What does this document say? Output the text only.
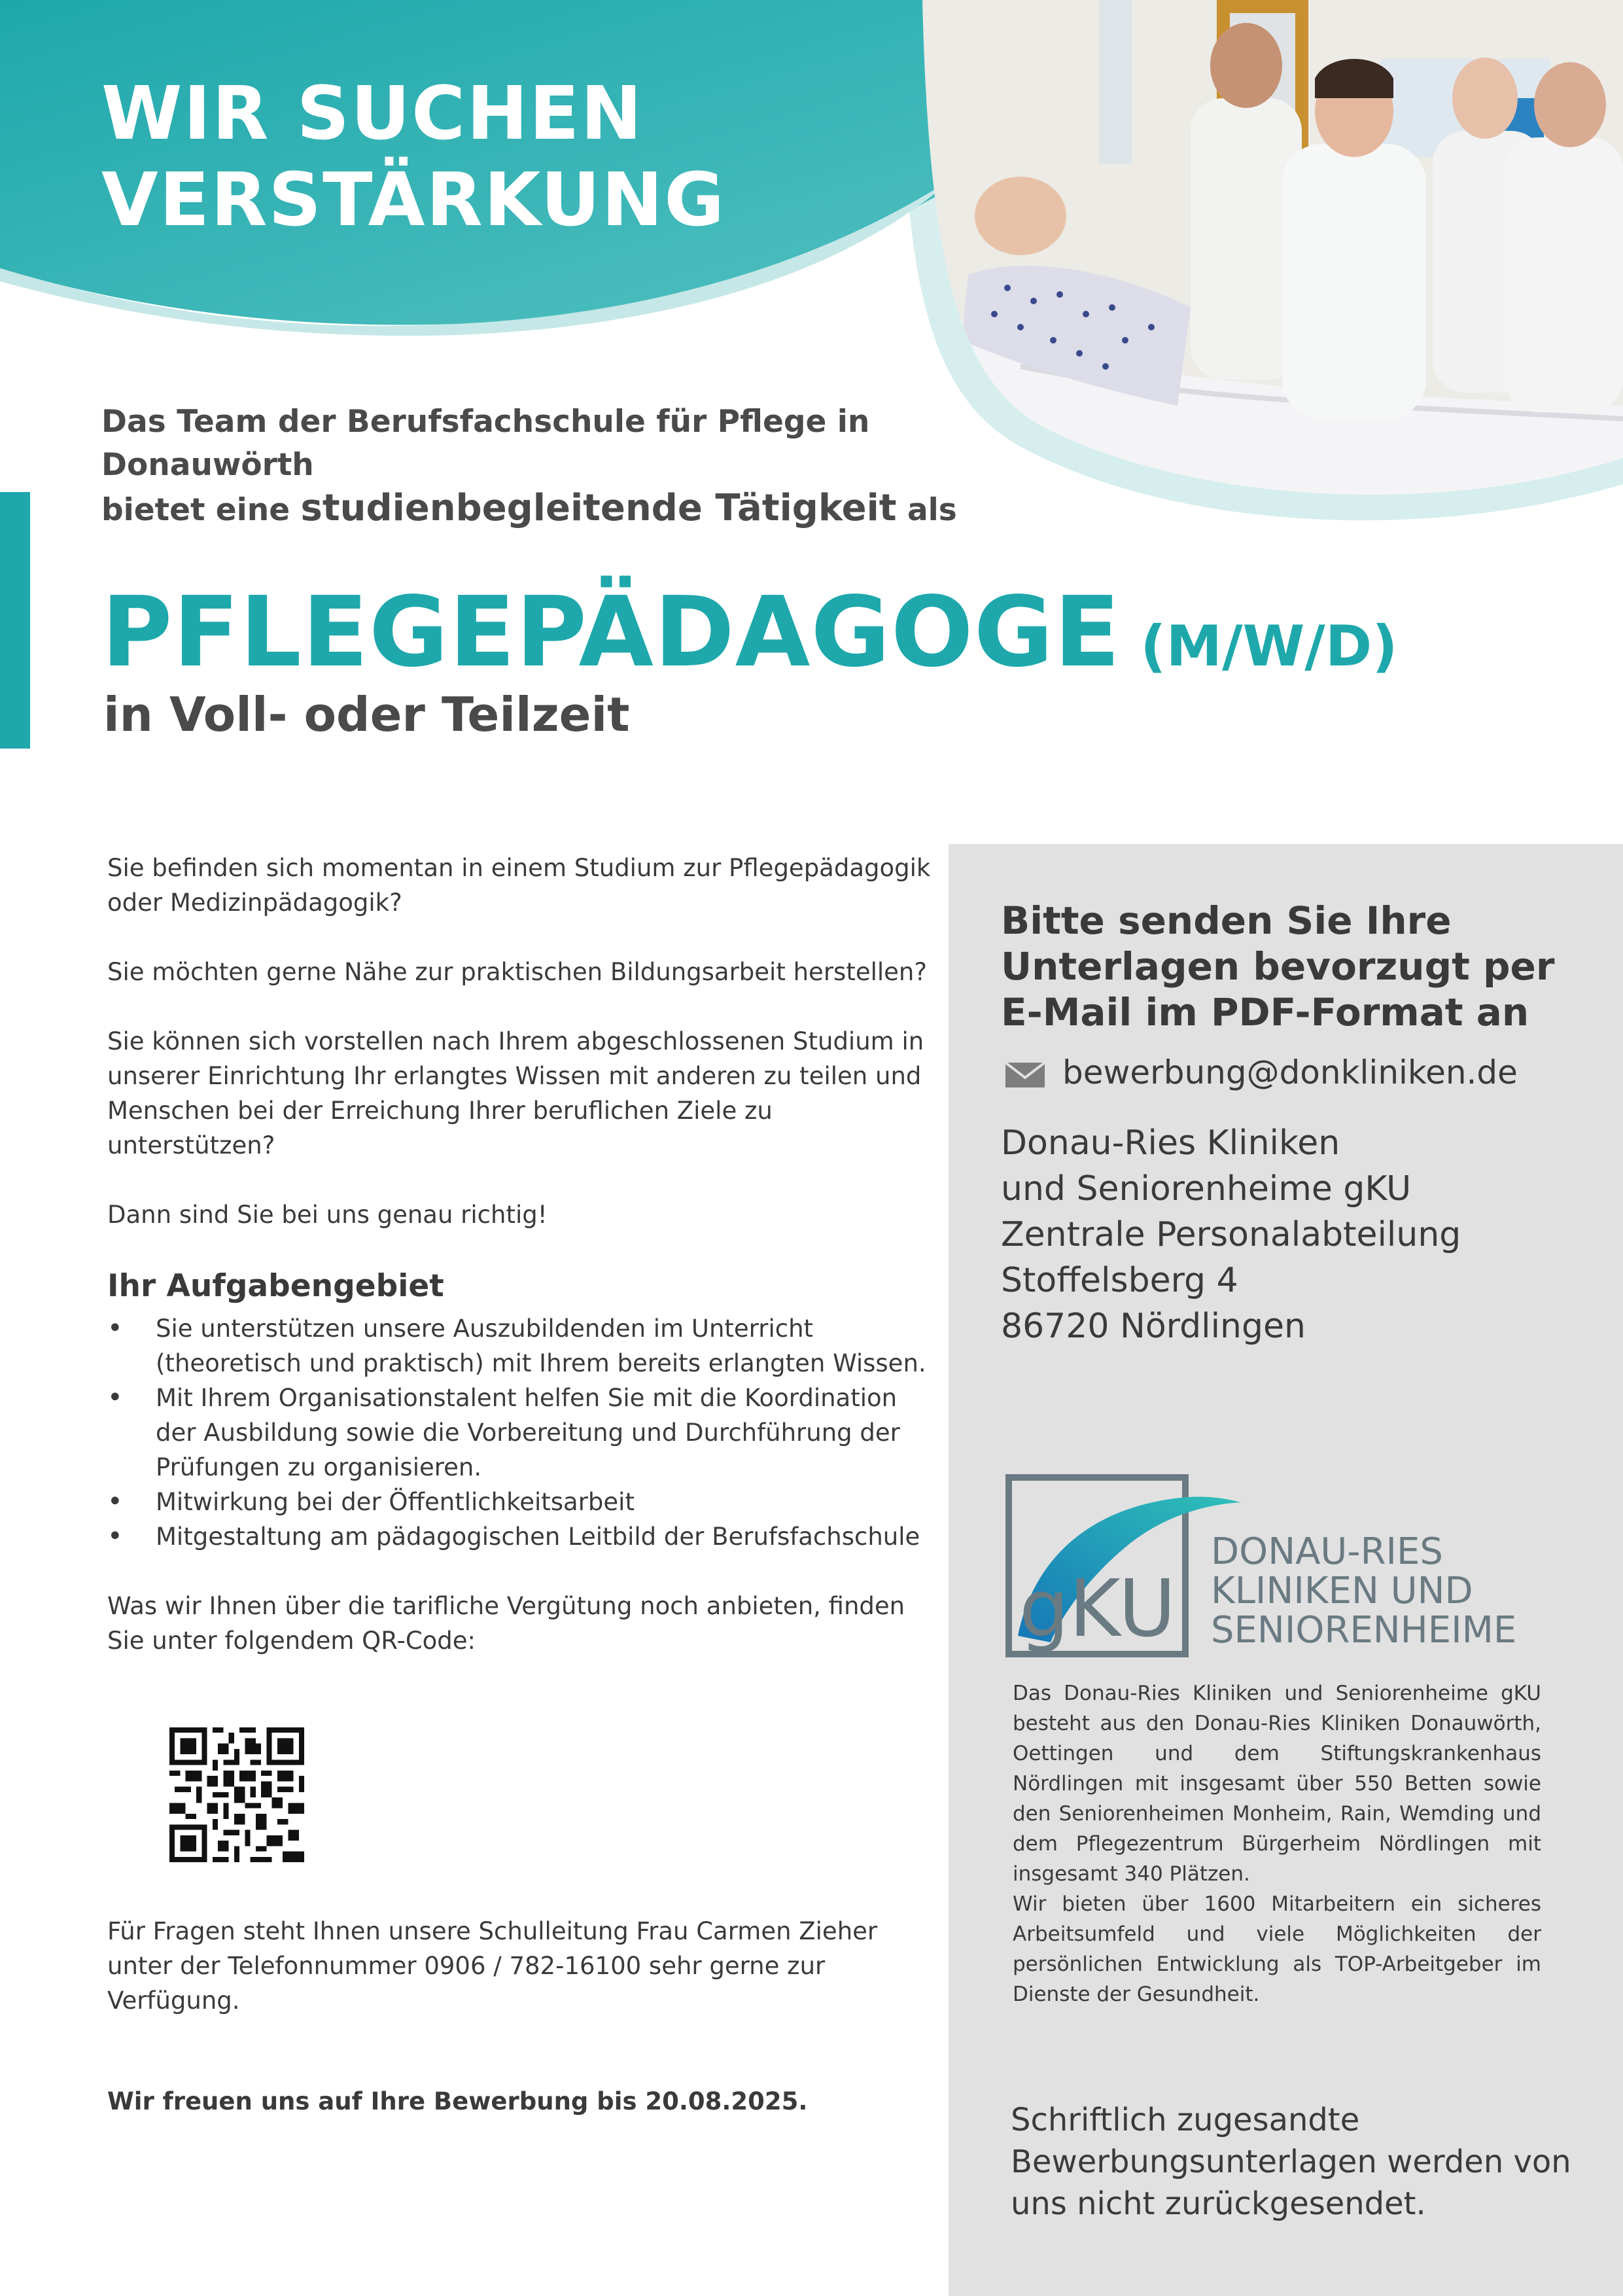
WIR SUCHEN
VERSTÄRKUNG
Das Team der Berufsfachschule für Pflege in Donauwörth
bietet eine studienbegleitende Tätigkeit als
PFLEGEPÄDAGOGE (M/W/D)
in Voll- oder Teilzeit

Sie befinden sich momentan in einem Studium zur Pflegepädagogik oder Medizinpädagogik?

Sie möchten gerne Nähe zur praktischen Bildungsarbeit herstellen?

Sie können sich vorstellen nach Ihrem abgeschlossenen Studium in unserer Einrichtung Ihr erlangtes Wissen mit anderen zu teilen und Menschen bei der Erreichung Ihrer beruflichen Ziele zu unterstützen?

Dann sind Sie bei uns genau richtig!

Ihr Aufgabengebiet
• Sie unterstützen unsere Auszubildenden im Unterricht (theoretisch und praktisch) mit Ihrem bereits erlangten Wissen.
• Mit Ihrem Organisationstalent helfen Sie mit die Koordination der Ausbildung sowie die Vorbereitung und Durchführung der Prüfungen zu organisieren.
• Mitwirkung bei der Öffentlichkeitsarbeit
• Mitgestaltung am pädagogischen Leitbild der Berufsfachschule

Was wir Ihnen über die tarifliche Vergütung noch anbieten, finden Sie unter folgendem QR-Code:

Für Fragen steht Ihnen unsere Schulleitung Frau Carmen Zieher unter der Telefonnummer 0906 / 782-16100 sehr gerne zur Verfügung.
Wir freuen uns auf Ihre Bewerbung bis 20.08.2025.
Bitte senden Sie Ihre
Unterlagen bevorzugt per
E-Mail im PDF-Format an
bewerbung@donkliniken.de
Donau-Ries Kliniken
und Seniorenheime gKU
Zentrale Personalabteilung
Stoffelsberg 4
86720 Nördlingen
gKU
DONAU-RIES
KLINIKEN UND
SENIORENHEIME

Das Donau-Ries Kliniken und Seniorenheime gKU besteht aus den Donau-Ries Kliniken Donauwörth, Oettingen und dem Stiftungskrankenhaus Nördlingen mit insgesamt über 550 Betten sowie den Seniorenheimen Monheim, Rain, Wemding und dem Pflegezentrum Bürgerheim Nördlingen mit insgesamt 340 Plätzen.

Wir bieten über 1600 Mitarbeitern ein sicheres Arbeitsumfeld und viele Möglichkeiten der persönlichen Entwicklung als TOP-Arbeitgeber im Dienste der Gesundheit.

Schriftlich zugesandte Bewerbungsunterlagen werden von uns nicht zurückgesendet.
